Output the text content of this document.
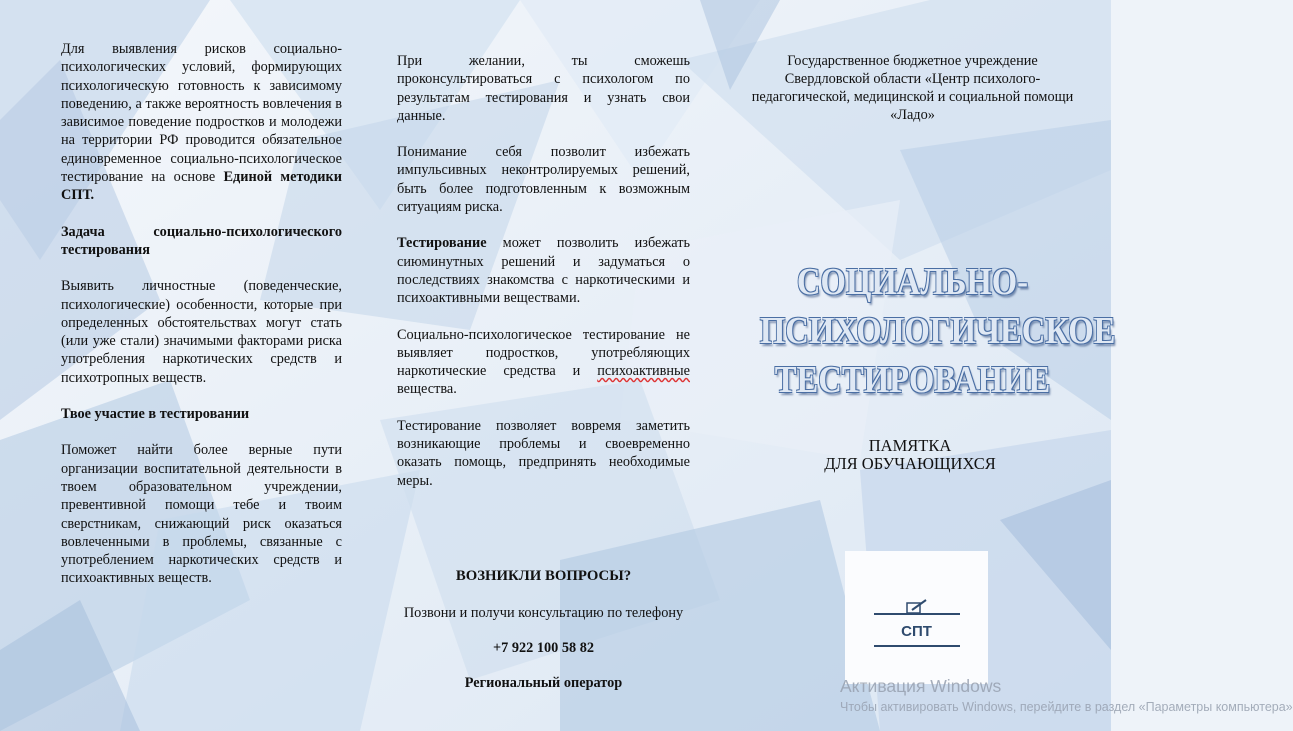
Для выявления рисков социально-психологических условий, формирующих психологическую готовность к зависимому поведению, а также вероятность вовлечения в зависимое поведение подростков и молодежи на территории РФ проводится обязательное единовременное социально-психологическое тестирование на основе Единой методики СПТ.

Задача социально-психологического тестирования

Выявить личностные (поведенческие, психологические) особенности, которые при определенных обстоятельствах могут стать (или уже стали) значимыми факторами риска употребления наркотических средств и психотропных веществ.

Твое участие в тестировании

Поможет найти более верные пути организации воспитательной деятельности в твоем образовательном учреждении, превентивной помощи тебе и твоим сверстникам, снижающий риск оказаться вовлеченными в проблемы, связанные с употреблением наркотических средств и психоактивных веществ.

При желании, ты сможешь проконсультироваться с психологом по результатам тестирования и узнать свои данные.

Понимание себя позволит избежать импульсивных неконтролируемых решений, быть более подготовленным к возможным ситуациям риска.

Тестирование может позволить избежать сиюминутных решений и задуматься о последствиях знакомства с наркотическими и психоактивными веществами.

Социально-психологическое тестирование не выявляет подростков, употребляющих наркотические средства и психоактивные вещества.

Тестирование позволяет вовремя заметить возникающие проблемы и своевременно оказать помощь, предпринять необходимые меры.

ВОЗНИКЛИ ВОПРОСЫ?
Позвони и получи консультацию по телефону
+7 922 100 58 82
Региональный оператор
Государственное бюджетное учреждение Свердловской области «Центр психолого-педагогической, медицинской и социальной помощи «Ладо»
СОЦИАЛЬНО-
ПСИХОЛОГИЧЕСКОЕ
ТЕСТИРОВАНИЕ
ПАМЯТКА
ДЛЯ ОБУЧАЮЩИХСЯ
СПТ
Активация Windows
Чтобы активировать Windows, перейдите в раздел «Параметры компьютера»
